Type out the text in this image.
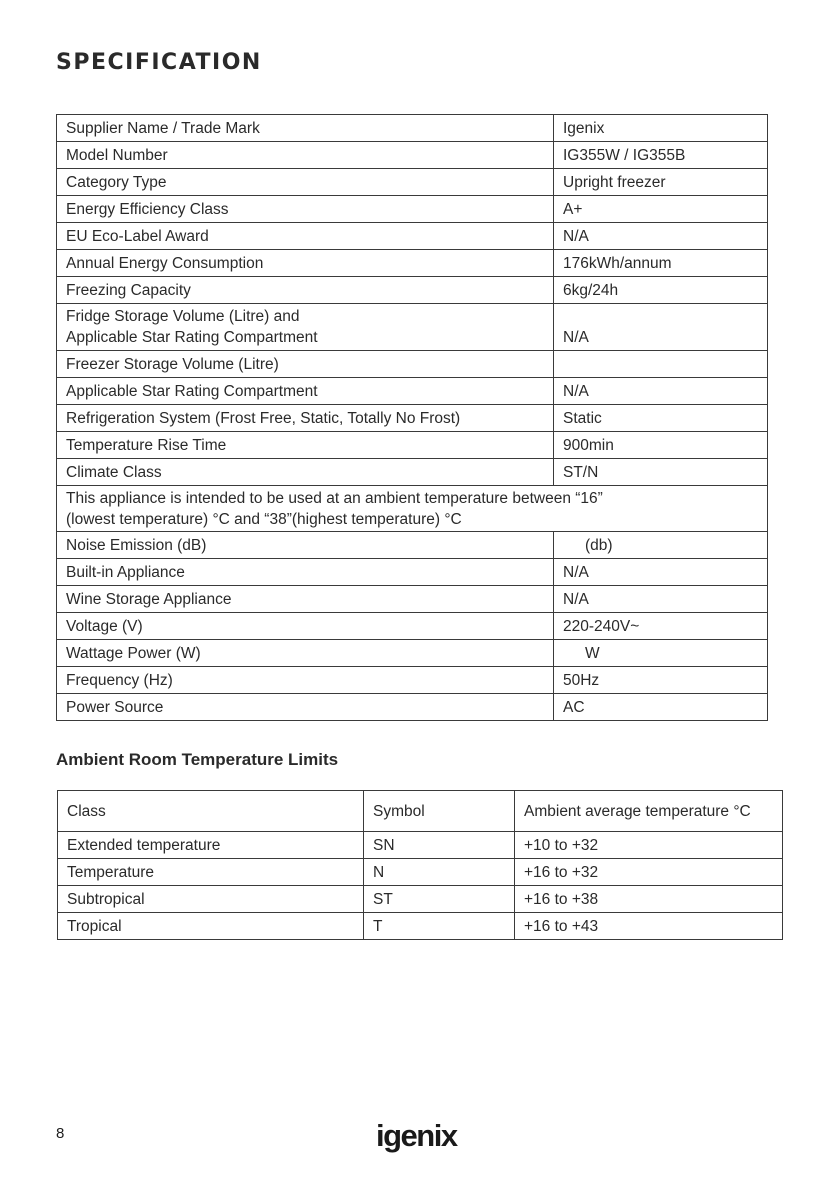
SPECIFICATION
Supplier Name / Trade Mark	Igenix
Model Number	IG355W / IG355B
Category Type	Upright freezer
Energy Efficiency Class	A+
EU Eco-Label Award	N/A
Annual Energy Consumption	176kWh/annum
Freezing Capacity	6kg/24h

Fridge Storage Volume (Litre) and
Applicable Star Rating Compartment	N/A
Freezer Storage Volume (Litre)	
Applicable Star Rating Compartment	N/A
Refrigeration System (Frost Free, Static, Totally No Frost)	Static
Temperature Rise Time	900min
Climate Class	ST/N

This appliance is intended to be used at an ambient temperature between “16”
(lowest temperature) °C and “38”(highest temperature) °C	

Noise Emission (dB)	(db)
Built-in Appliance	N/A
Wine Storage Appliance	N/A
Voltage (V)	220-240V~
Wattage Power (W)	W
Frequency (Hz)	50Hz
Power Source	AC
Ambient Room Temperature Limits
Class	Symbol	Ambient average temperature °C
Extended temperature	SN	+10 to +32
Temperature	N	+16 to +32
Subtropical	ST	+16 to +38
Tropical	T	+16 to +43
8	igenix
